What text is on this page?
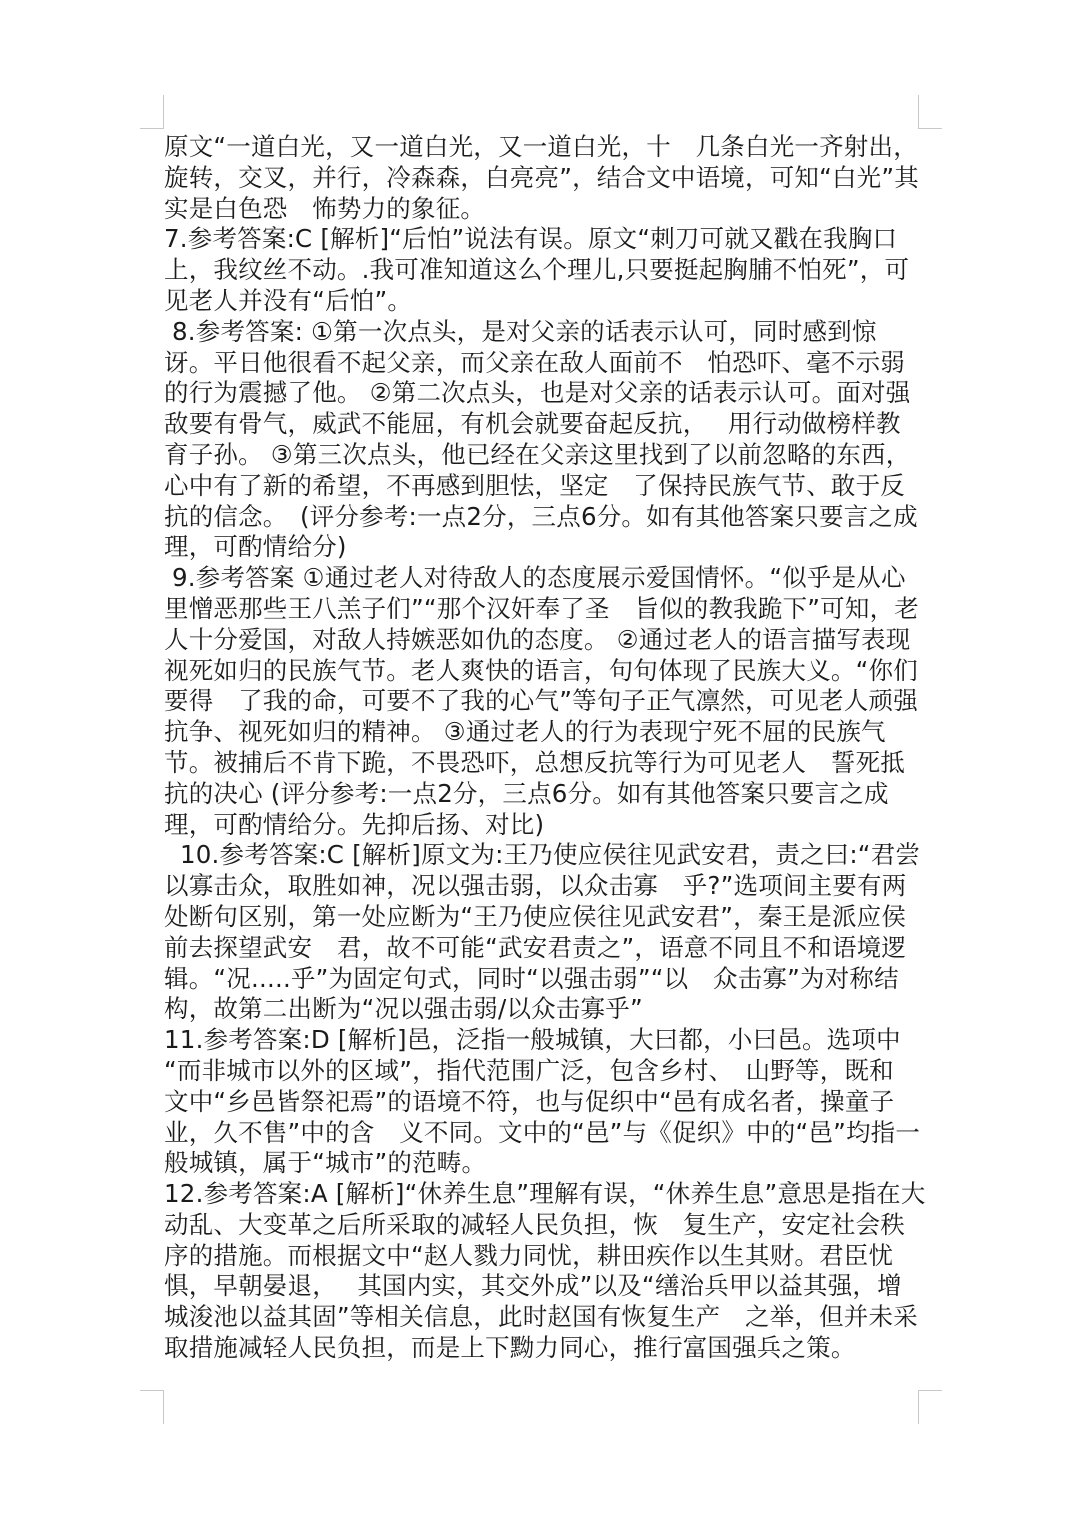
原文“一道白光，又一道白光，又一道白光，十　几条白光一齐射出，
旋转，交叉，并行，冷森森，白亮亮”，结合文中语境，可知“白光”其
实是白色恐　怖势力的象征。
7.参考答案:C [解析]“后怕”说法有误。原文“刺刀可就又戳在我胸口
上，我纹丝不动。.我可准知道这么个理儿,只要挺起胸脯不怕死”，可
见老人并没有“后怕”。
8.参考答案: ①第一次点头，是对父亲的话表示认可，同时感到惊
讶。平日他很看不起父亲，而父亲在敌人面前不　怕恐吓、毫不示弱
的行为震撼了他。 ②第二次点头，也是对父亲的话表示认可。面对强
敌要有骨气，威武不能屈，有机会就要奋起反抗，　 用行动做榜样教
育子孙。 ③第三次点头，他已经在父亲这里找到了以前忽略的东西，
心中有了新的希望，不再感到胆怯，坚定　了保持民族气节、敢于反
抗的信念。　(评分参考:一点2分，三点6分。如有其他答案只要言之成
理，可酌情给分)
9.参考答案 ①通过老人对待敌人的态度展示爱国情怀。“似乎是从心
里憎恶那些王八羔子们”“那个汉奸奉了圣　旨似的教我跪下”可知，老
人十分爱国，对敌人持嫉恶如仇的态度。 ②通过老人的语言描写表现
视死如归的民族气节。老人爽快的语言，句句体现了民族大义。“你们
要得　了我的命，可要不了我的心气”等句子正气凛然，可见老人顽强
抗争、视死如归的精神。 ③通过老人的行为表现宁死不屈的民族气
节。被捕后不肯下跪，不畏恐吓，总想反抗等行为可见老人　誓死抵
抗的决心 (评分参考:一点2分，三点6分。如有其他答案只要言之成
理，可酌情给分。先抑后扬、对比)
10.参考答案:C [解析]原文为:王乃使应侯往见武安君，责之曰:“君尝
以寡击众，取胜如神，况以强击弱，以众击寡　乎?”选项间主要有两
处断句区别，第一处应断为“王乃使应侯往见武安君”，秦王是派应侯
前去探望武安　君，故不可能“武安君责之”，语意不同且不和语境逻
辑。“况.....乎”为固定句式，同时“以强击弱”“以　众击寡”为对称结
构，故第二出断为“况以强击弱/以众击寡乎”
11.参考答案:D [解析]邑，泛指一般城镇，大曰都，小曰邑。选项中
“而非城市以外的区域”，指代范围广泛，包含乡村、　山野等，既和
文中“乡邑皆祭祀焉”的语境不符，也与促织中“邑有成名者，操童子
业，久不售”中的含　义不同。文中的“邑”与《促织》中的“邑”均指一
般城镇，属于“城市”的范畴。
12.参考答案:A [解析]“休养生息”理解有误，“休养生息”意思是指在大
动乱、大变革之后所采取的减轻人民负担，恢　复生产，安定社会秩
序的措施。而根据文中“赵人戮力同忧，耕田疾作以生其财。君臣忧
惧，早朝晏退，　 其国内实，其交外成”以及“缮治兵甲以益其强，增
城浚池以益其固”等相关信息，此时赵国有恢复生产　之举，但并未采
取措施减轻人民负担，而是上下黝力同心，推行富国强兵之策。
